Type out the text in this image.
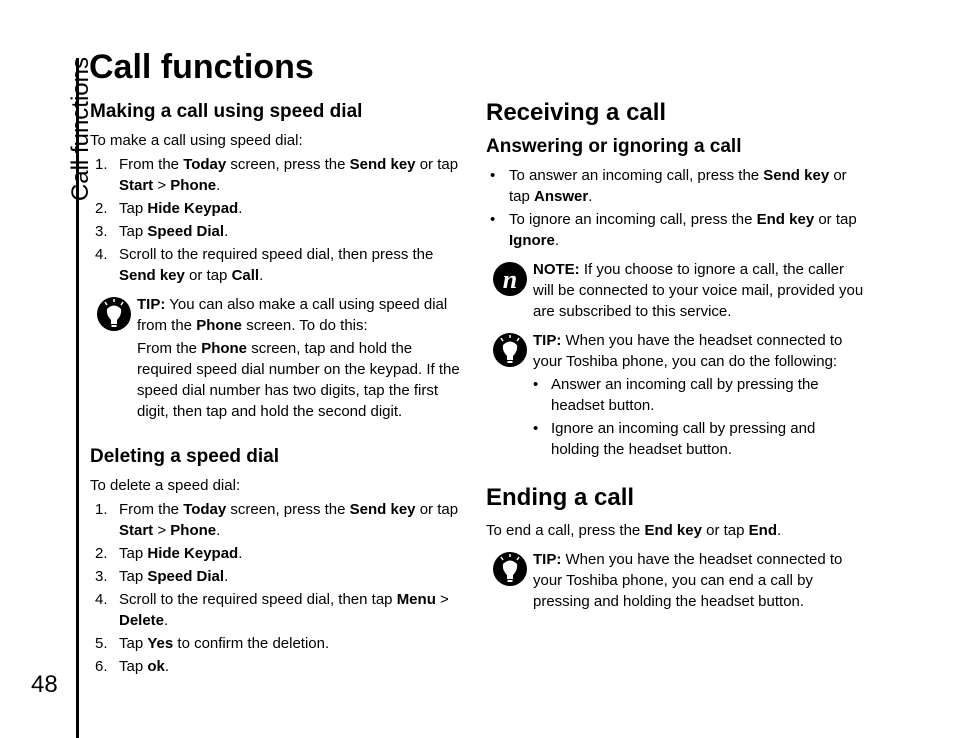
Call functions
48
Call functions
Making a call using speed dial

To make a call using speed dial:

1. From the Today screen, press the Send key or tap Start > Phone.
2. Tap Hide Keypad.
3. Tap Speed Dial.
4. Scroll to the required speed dial, then press the Send key or tap Call.

TIP: You can also make a call using speed dial from the Phone screen. To do this:

From the Phone screen, tap and hold the required speed dial number on the keypad. If the speed dial number has two digits, tap the first digit, then tap and hold the second digit.

Deleting a speed dial

To delete a speed dial:

1. From the Today screen, press the Send key or tap Start > Phone.
2. Tap Hide Keypad.
3. Tap Speed Dial.
4. Scroll to the required speed dial, then tap Menu > Delete.
5. Tap Yes to confirm the deletion.
6. Tap ok.
Receiving a call
Answering or ignoring a call
• To answer an incoming call, press the Send key or tap Answer.
• To ignore an incoming call, press the End key or tap Ignore.
n NOTE: If you choose to ignore a call, the caller will be connected to your voice mail, provided you are subscribed to this service.

TIP: When you have the headset connected to your Toshiba phone, you can do the following:

• Answer an incoming call by pressing the headset button.
• Ignore an incoming call by pressing and holding the headset button.
Ending a call

To end a call, press the End key or tap End.

TIP: When you have the headset connected to your Toshiba phone, you can end a call by pressing and holding the headset button.
